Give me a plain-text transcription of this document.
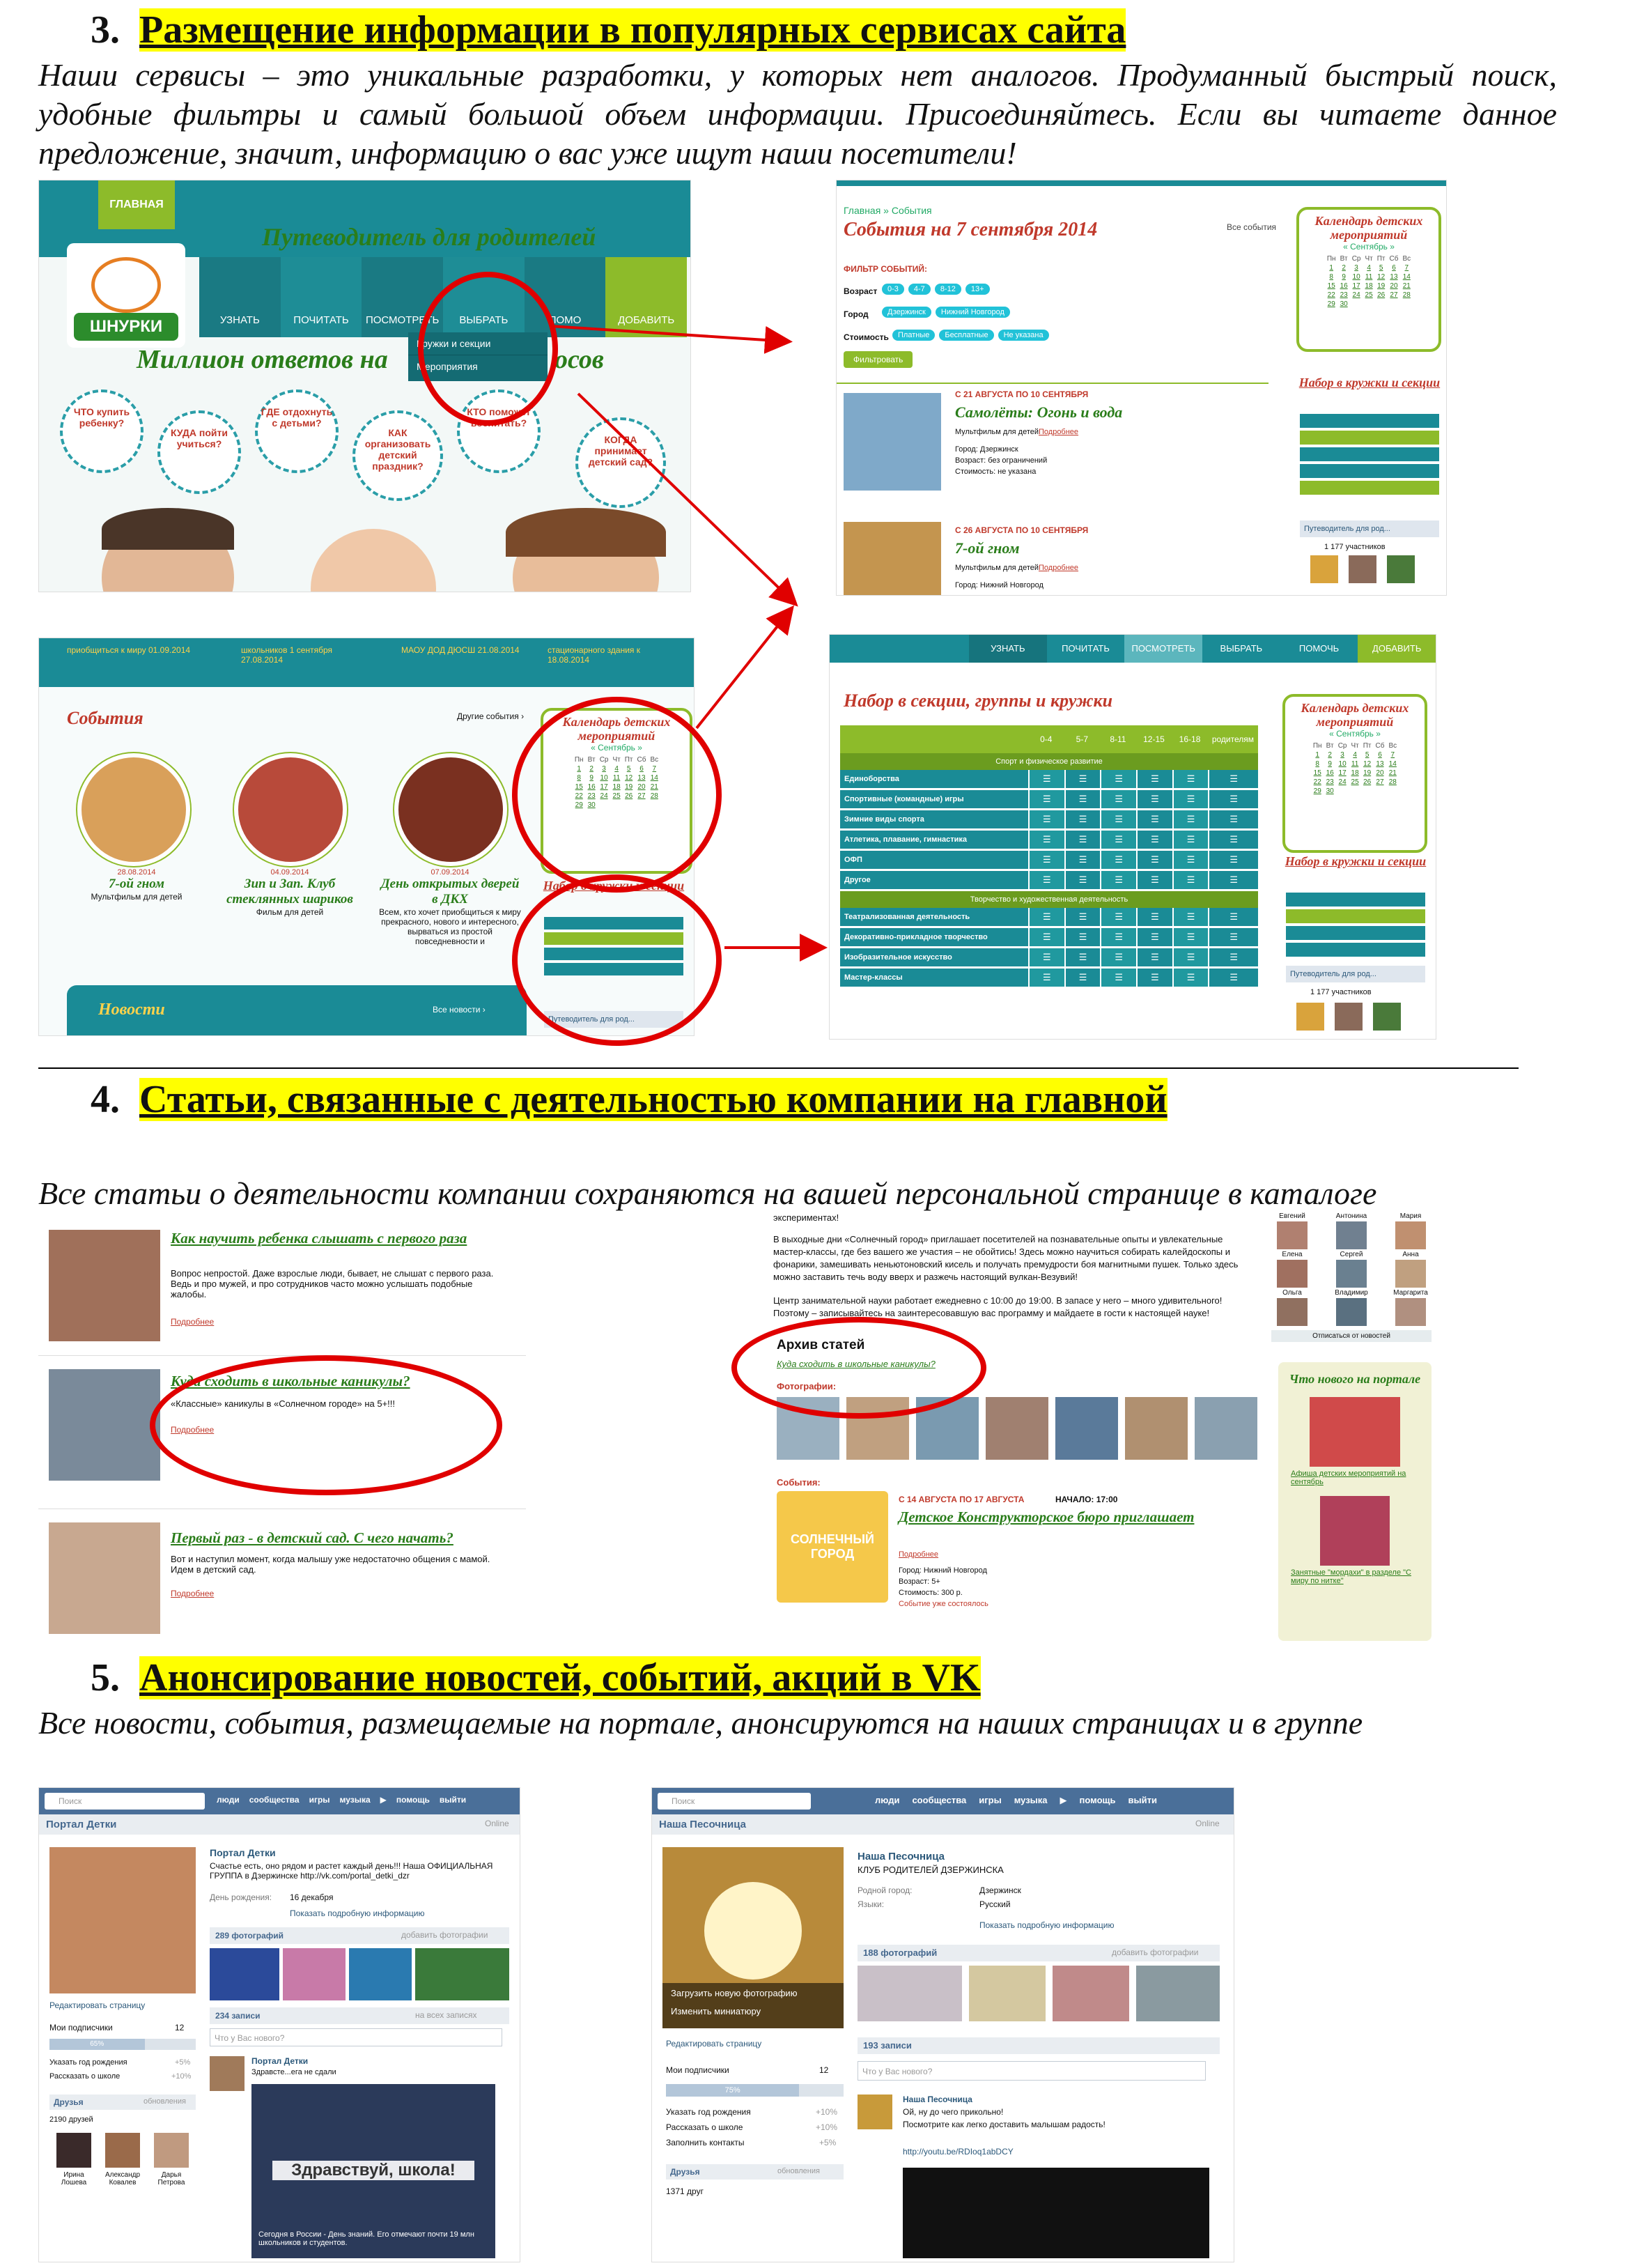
3. Размещение информации в популярных сервисах сайта
Наши сервисы – это уникальные разработки, у которых нет аналогов. Продуманный быстрый поиск, удобные фильтры и самый большой объем информации. Присоединяйтесь. Если вы читаете данное предложение, значит, информацию о вас уже ищут наши посетители!
ГЛАВНАЯ
ШНУРКИ
Путеводитель для родителей
УЗНАТЬ	ПОЧИТАТЬ	ПОСМОТРЕТЬ	ВЫБРАТЬ	ПОМО	ДОБАВИТЬ
Кружки и секции
Мероприятия
Миллион ответов на	осов
ЧТО купить ребенку?
КУДА пойти учиться?
ГДЕ отдохнуть с детьми?
КАК организовать детский праздник?
КТО поможет воспитать?
КОГДА принимает детский сад?
Главная » События
События на 7 сентября 2014	Все события
ФИЛЬТР СОБЫТИЙ:
Возраст	0-3	4-7	8-12	13+
Город	Дзержинск	Нижний Новгород
Стоимость	Платные	Бесплатные	Не указана
Фильтровать
С 21 АВГУСТА ПО 10 СЕНТЯБРЯ
Самолёты: Огонь и вода
Мультфильм для детей Подробнее
Город: Дзержинск
Возраст: без ограничений
Стоимость: не указана
С 26 АВГУСТА ПО 10 СЕНТЯБРЯ
7-ой гном
Мультфильм для детей Подробнее
Город: Нижний Новгород
Календарь детских мероприятий
« Сентябрь »
Пн	Вт	Ср	Чт	Пт	Сб	Вс
1	2	3	4	5	6	7
8	9	10	11	12	13	14
15	16	17	18	19	20	21
22	23	24	25	26	27	28
29	30					
Набор в кружки и секции
Путеводитель для род...
1 177 участников
приобщиться к миру 01.09.2014	школьников 1 сентября 27.08.2014
МАОУ ДОД ДЮСШ 21.08.2014	стационарного здания к 18.08.2014
События	Другие события ›
28.08.2014
7-ой гном
Мультфильм для детей
04.09.2014
Зип и Зап. Клуб стеклянных шариков
Фильм для детей
07.09.2014
День открытых дверей в ДКХ
Всем, кто хочет приобщиться к миру прекрасного, нового и интересного, вырваться из простой повседневности и
Календарь детских мероприятий
« Сентябрь »
Пн	Вт	Ср	Чт	Пт	Сб	Вс
1	2	3	4	5	6	7
8	9	10	11	12	13	14
15	16	17	18	19	20	21
22	23	24	25	26	27	28
29	30					
Набор в кружки и секции
Новости	Все новости ›
Путеводитель для род...
УЗНАТЬ	ПОЧИТАТЬ	ПОСМОТРЕТЬ	ВЫБРАТЬ	ПОМОЧЬ	ДОБАВИТЬ
Набор в секции, группы и кружки
0-4	5-7	8-11	12-15	16-18	родителям
Спорт и физическое развитие
Единоборства	☰	☰	☰	☰	☰	☰
Спортивные (командные) игры	☰	☰	☰	☰	☰	☰
Зимние виды спорта	☰	☰	☰	☰	☰	☰
Атлетика, плавание, гимнастика	☰	☰	☰	☰	☰	☰
ОФП	☰	☰	☰	☰	☰	☰
Другое	☰	☰	☰	☰	☰	☰
Творчество и художественная деятельность
Театрализованная деятельность	☰	☰	☰	☰	☰	☰
Декоративно-прикладное творчество	☰	☰	☰	☰	☰	☰
Изобразительное искусство	☰	☰	☰	☰	☰	☰
Мастер-классы	☰	☰	☰	☰	☰	☰
Календарь детских мероприятий
« Сентябрь »
Пн	Вт	Ср	Чт	Пт	Сб	Вс
1	2	3	4	5	6	7
8	9	10	11	12	13	14
15	16	17	18	19	20	21
22	23	24	25	26	27	28
29	30					
Набор в кружки и секции
Путеводитель для род...
1 177 участников
4. Статьи, связанные с деятельностью компании на главной
Все статьи о деятельности компании сохраняются на вашей персональной странице в каталоге
Как научить ребенка слышать с первого раза
Вопрос непростой. Даже взрослые люди, бывает, не слышат с первого раза. Ведь и про мужей, и про сотрудников часто можно услышать подобные жалобы.
Подробнее
Куда сходить в школьные каникулы?
«Классные» каникулы в «Солнечном городе» на 5+!!!
Подробнее
Первый раз - в детский сад. С чего начать?
Вот и наступил момент, когда малышу уже недостаточно общения с мамой. Идем в детский сад.
Подробнее
экспериментах!
В выходные дни «Солнечный город» приглашает посетителей на познавательные опыты и увлекательные мастер-классы, где без вашего же участия – не обойтись! Здесь можно научиться собирать калейдоскопы и фонарики, замешивать неньютоновский кисель и получать премудрости боя магнитными пушек. Только здесь можно заставить течь воду вверх и разжечь настоящий вулкан-Везувий!
Центр занимательной науки работает ежедневно с 10:00 до 19:00. В запасе у него – много удивительного! Поэтому – записывайтесь на заинтересовавшую вас программу и майдаете в гости к настоящей науке!
Архив статей
Куда сходить в школьные каникулы?
Фотографии:
События:
СОЛНЕЧНЫЙ ГОРОД
С 14 АВГУСТА ПО 17 АВГУСТА	НАЧАЛО: 17:00
Детское Конструкторское бюро приглашает
Подробнее
Город: Нижний Новгород
Возраст: 5+
Стоимость: 300 р.
Событие уже состоялось
Евгений	Антонина	Мария
Елена	Сергей	Анна
Ольга	Владимир	Маргарита
Отписаться от новостей
Что нового на портале
Афиша детских мероприятий на сентябрь
Занятные "мордахи" в разделе "С миру по нитке"
5. Анонсирование новостей, событий, акций в VK
Все новости, события, размещаемые на портале, анонсируются на наших страницах и в группе
Поиск	люди сообщества игры музыка ▶ помощь выйти
Портал Детки	Online
Портал Детки
Счастье есть, оно рядом и растет каждый день!!! Наша ОФИЦИАЛЬНАЯ ГРУППА в Дзержинске http://vk.com/portal_detki_dzr
День рождения: 16 декабря
Показать подробную информацию
289 фотографий	добавить фотографии
Редактировать страницу
Мои подписчики	12
65%
Указать год рождения	+5%
Рассказать о школе	+10%
234 записи	на всех записях
Что у Вас нового?
Портал Детки
Здравсте...ега не сдали
Здравствуй, школа!
Сегодня в России - День знаний. Его отмечают почти 19 млн школьников и студентов.
Друзья	обновления
2190 друзей
Ирина Лошева
Александр Ковалев
Дарья Петрова
Поиск	люди сообщества игры музыка ▶ помощь выйти
Наша Песочница	Online
Загрузить новую фотографию
Изменить миниатюру
Наша Песочница
КЛУБ РОДИТЕЛЕЙ ДЗЕРЖИНСКА
Родной город:	Дзержинск
Языки:	Русский
Показать подробную информацию
188 фотографий	добавить фотографии
Редактировать страницу
Мои подписчики	12
75%
Указать год рождения	+10%
Рассказать о школе	+10%
Заполнить контакты	+5%
193 записи
Что у Вас нового?
Наша Песочница
Ой, ну до чего прикольно!
Посмотрите как легко доставить малышам радость!
http://youtu.be/RDIoq1abDCY
Друзья	обновления
1371 друг
